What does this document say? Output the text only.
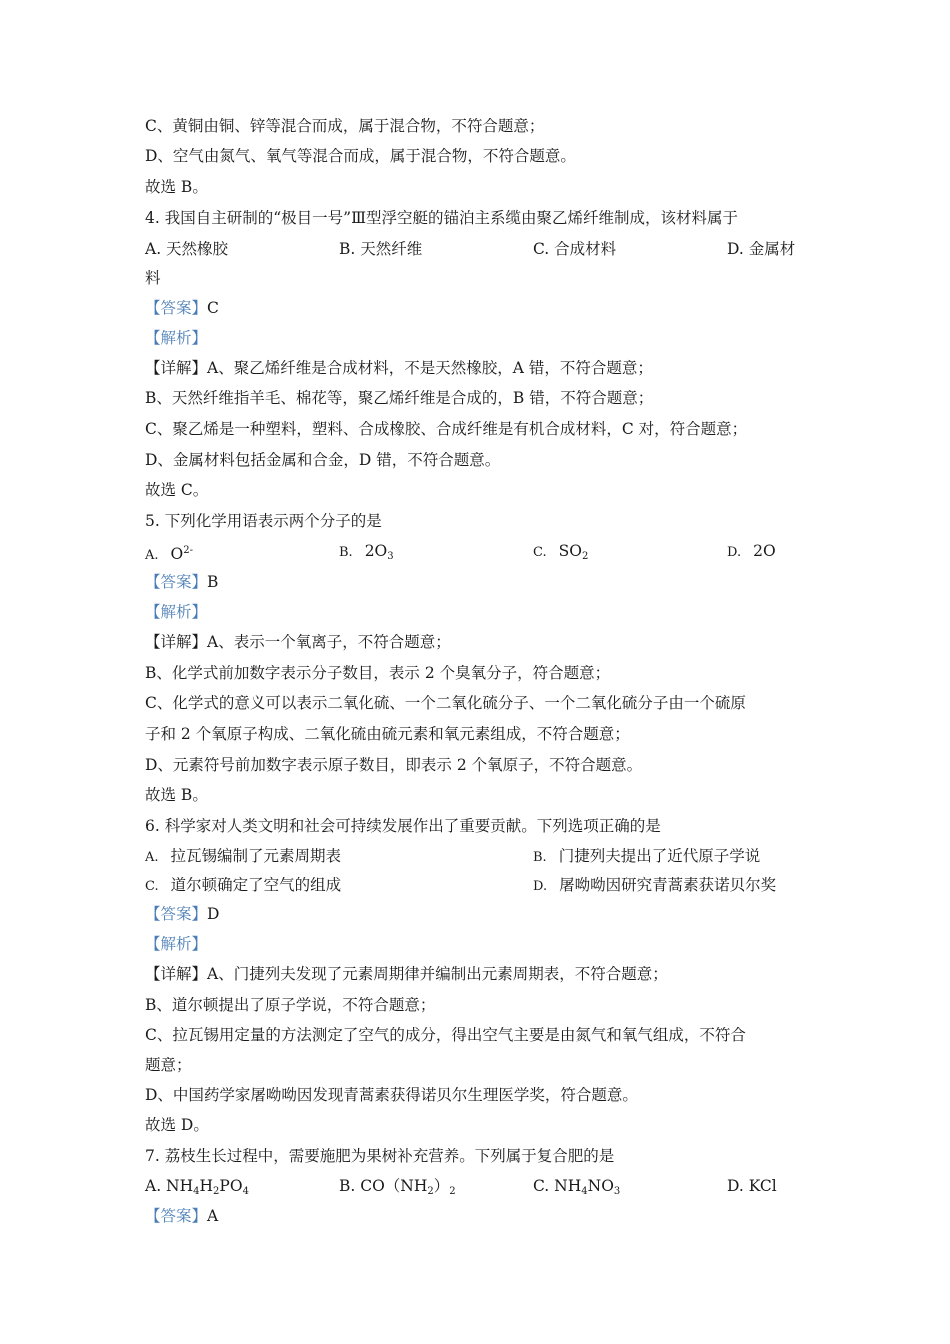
C、黄铜由铜、锌等混合而成，属于混合物，不符合题意；
D、空气由氮气、氧气等混合而成，属于混合物，不符合题意。
故选 B。
4. 我国自主研制的“极目一号”Ⅲ型浮空艇的锚泊主系缆由聚乙烯纤维制成，该材料属于
A. 天然橡胶	B. 天然纤维	C. 合成材料	D. 金属材
料
【答案】C
【解析】
【详解】A、聚乙烯纤维是合成材料，不是天然橡胶，A 错，不符合题意；
B、天然纤维指羊毛、棉花等，聚乙烯纤维是合成的，B 错，不符合题意；
C、聚乙烯是一种塑料，塑料、合成橡胶、合成纤维是有机合成材料，C 对，符合题意；
D、金属材料包括金属和合金，D 错，不符合题意。
故选 C。
5. 下列化学用语表示两个分子的是
A. $O^{2-}$	B. $2O_3$	C. $SO_2$	D. 2O
【答案】B
【解析】
【详解】A、表示一个氧离子，不符合题意；
B、化学式前加数字表示分子数目，表示 2 个臭氧分子，符合题意；
C、化学式的意义可以表示二氧化硫、一个二氧化硫分子、一个二氧化硫分子由一个硫原
子和 2 个氧原子构成、二氧化硫由硫元素和氧元素组成，不符合题意；
D、元素符号前加数字表示原子数目，即表示 2 个氧原子，不符合题意。
故选 B。
6. 科学家对人类文明和社会可持续发展作出了重要贡献。下列选项正确的是
A. 拉瓦锡编制了元素周期表	B. 门捷列夫提出了近代原子学说
C. 道尔顿确定了空气的组成	D. 屠呦呦因研究青蒿素获诺贝尔奖
【答案】D
【解析】
【详解】A、门捷列夫发现了元素周期律并编制出元素周期表，不符合题意；
B、道尔顿提出了原子学说，不符合题意；
C、拉瓦锡用定量的方法测定了空气的成分，得出空气主要是由氮气和氧气组成，不符合
题意；
D、中国药学家屠呦呦因发现青蒿素获得诺贝尔生理医学奖，符合题意。
故选 D。
7. 荔枝生长过程中，需要施肥为果树补充营养。下列属于复合肥的是
A. $NH_4H_2PO_4$	B. $CO(NH_2)_2$	C. $NH_4NO_3$	D. KCl
【答案】A
